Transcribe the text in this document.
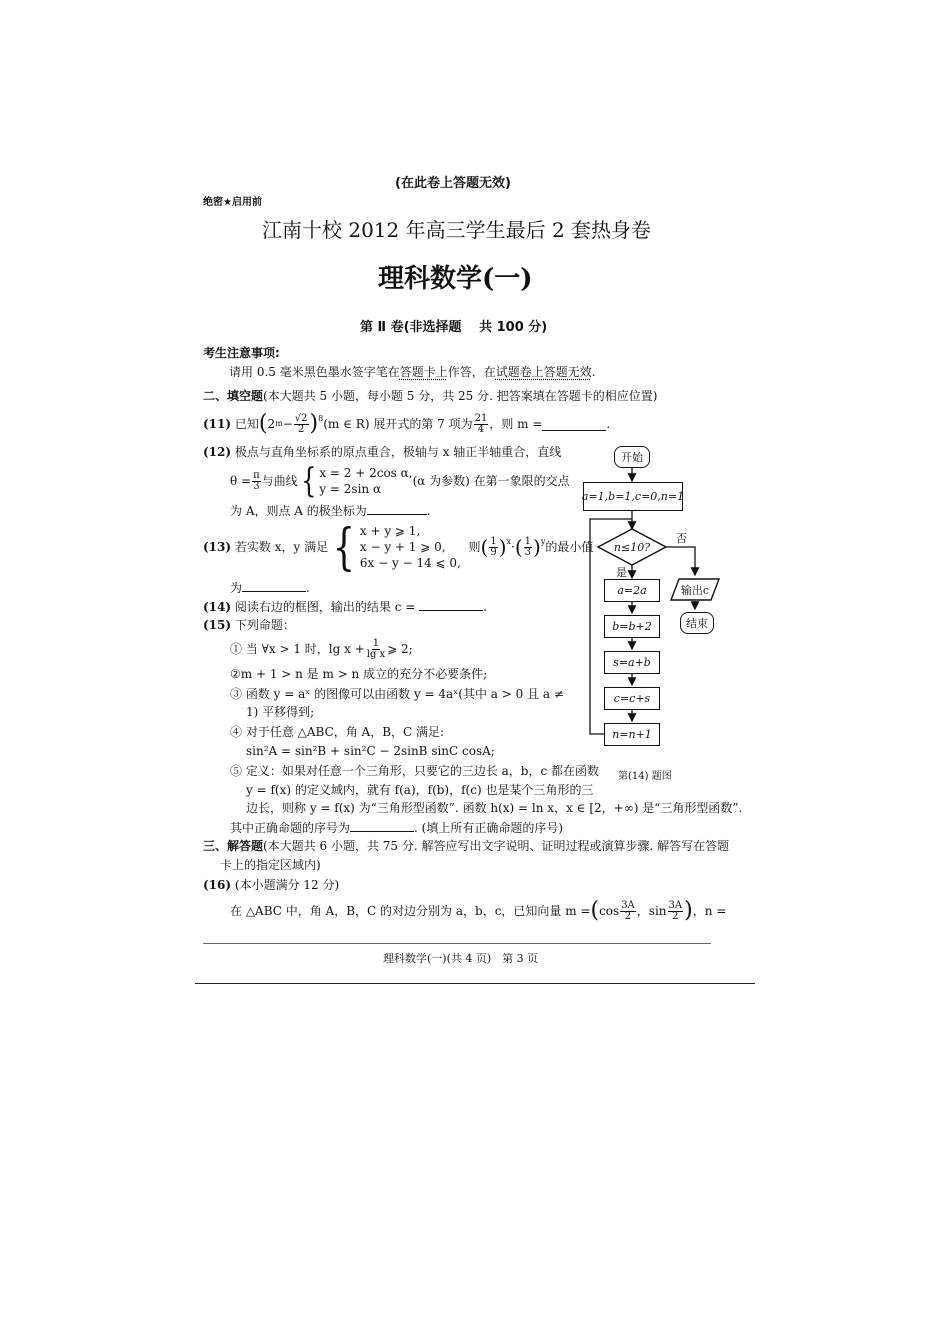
(在此卷上答题无效)
绝密★启用前
江南十校 2012 年高三学生最后 2 套热身卷
理科数学(一)
第 Ⅱ 卷(非选择题　 共 100 分)
考生注意事项:
请用 0.5 毫米黑色墨水签字笔在答题卡上作答，在试题卷上答题无效.
二、填空题(本大题共 5 小题，每小题 5 分，共 25 分. 把答案填在答题卡的相应位置)
(11)
已知 ( 2 $m - \frac{√2}{2} )^8$ (m ∈ R) 展开式的第 7 项为 $\frac{21}{4}$ ，则 m =	.
(12) 极点与直角坐标系的原点重合，极轴与 x 轴正半轴重合，直线
$\theta = \frac{\pi}{3}$ 与曲线 { x = 2 + 2cos α,
y = 2sin α
(α 为参数) 在第一象限的交点
为 A，则点 A 的极坐标为	.
(13)
若实数 x，y 满足 { x + y ⩾ 1,
x − y + 1 ⩾ 0,
6x − y − 14 ⩽ 0,

则 ( $\frac{1}{9} )^x$ · ( $\frac{1}{3} )^y$ 的最小值
为	.
(14) 阅读右边的框图，输出的结果 c =	.
(15) 下列命题：
① 当 ∀x > 1 时，$\lg x + \frac{1}{\text{lg x}}$ ⩾ 2;
②m + 1 > n 是 m > n 成立的充分不必要条件;
③ 函数 y = aˣ 的图像可以由函数 y = 4aˣ(其中 a > 0 且 a ≠
1) 平移得到;
④ 对于任意 △ABC，角 A，B，C 满足:
sin²A = sin²B + sin²C − 2sinB sinC cosA;
⑤ 定义：如果对任意一个三角形，只要它的三边长 a，b，c 都在函数
y = f(x) 的定义域内，就有 f(a)，f(b)，f(c) 也是某个三角形的三
边长，则称 y = f(x) 为“三角形型函数”. 函数 h(x) = ln x，x ∈ [2，+∞) 是“三角形型函数”.
其中正确命题的序号为	. (填上所有正确命题的序号)
三、解答题(本大题共 6 小题，共 75 分. 解答应写出文字说明、证明过程或演算步骤. 解答写在答题
卡上的指定区域内)
(16) (本小题满分 12 分)
在 △ABC 中，角 A，B，C 的对边分别为 a，b，c，已知向量 m = ( $\cos \frac{3A}{2}$ ，$\sin \frac{3A}{2}$ ) ，n =
理科数学(一)(共 4 页)　第 3 页
否
是
n≤10?
输出c
第(14) 题图
开始
a=1,b=1,c=0,n=1
a=2a
b=b+2
s=a+b
c=c+s
n=n+1
结束
